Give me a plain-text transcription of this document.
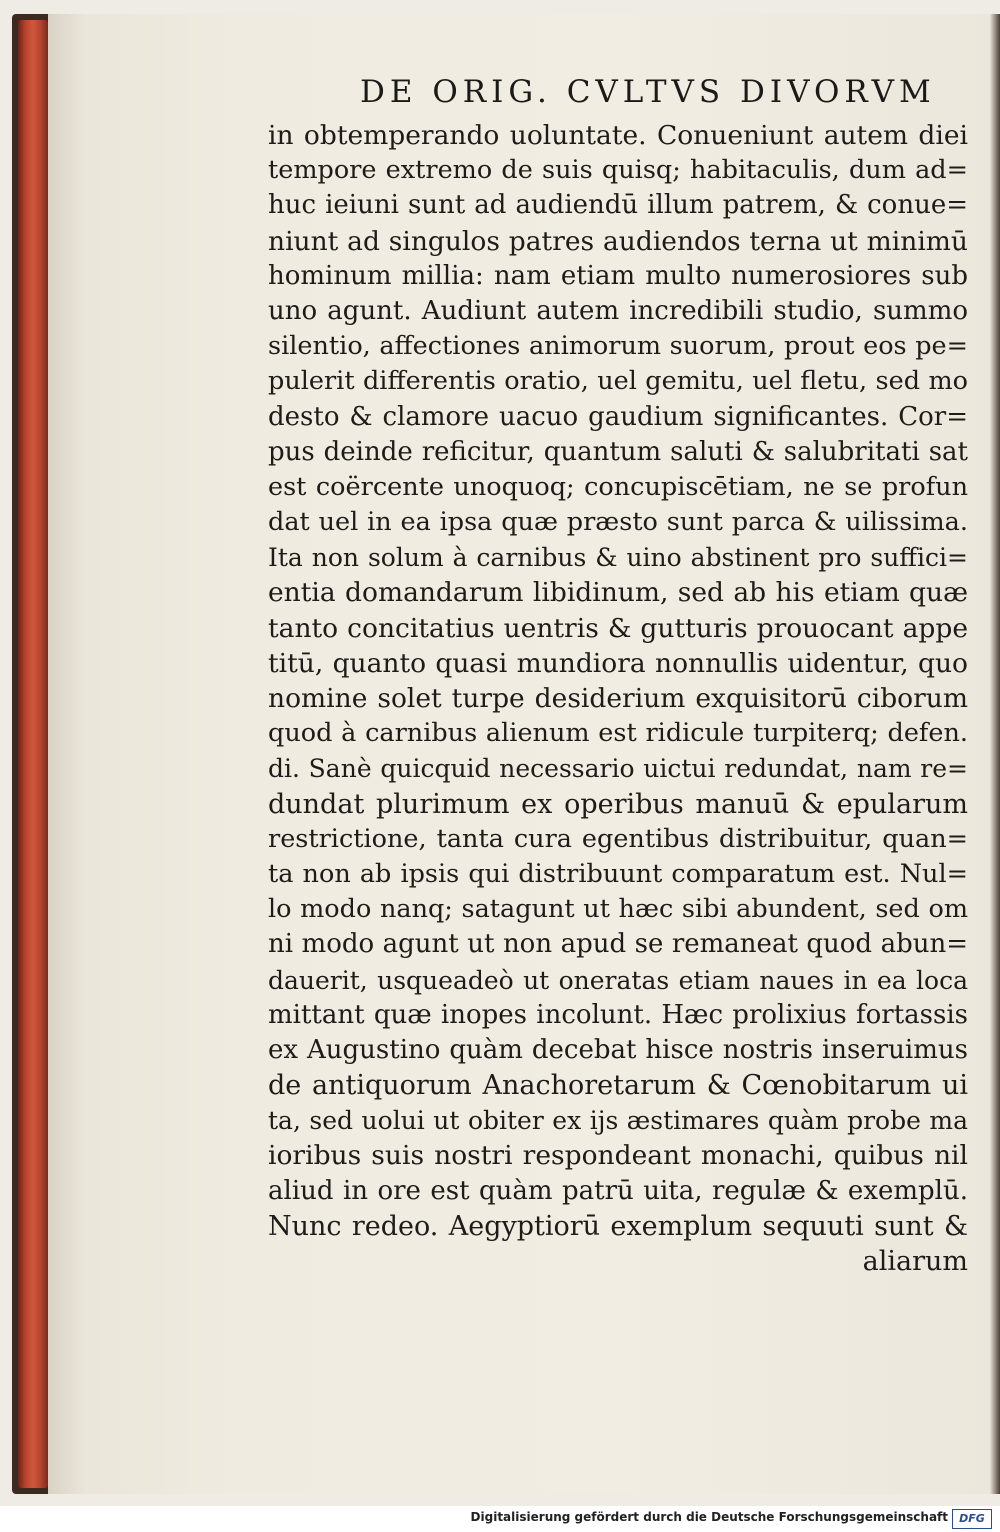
DE ORIG. CVLTVS DIVORVM
in obtemperando uoluntate. Conueniunt autem diei
tempore extremo de suis quisq; habitaculis, dum ad=
huc ieiuni sunt ad audiendū illum patrem, & conue=
niunt ad singulos patres audiendos terna ut minimū
hominum millia: nam etiam multo numerosiores sub
uno agunt. Audiunt autem incredibili studio, summo
silentio, affectiones animorum suorum, prout eos pe=
pulerit differentis oratio, uel gemitu, uel fletu, sed mo
desto & clamore uacuo gaudium significantes. Cor=
pus deinde reficitur, quantum saluti & salubritati sat
est coërcente unoquoq; concupiscētiam, ne se profun
dat uel in ea ipsa quæ præsto sunt parca & uilissima.
Ita non solum à carnibus & uino abstinent pro suffici=
entia domandarum libidinum, sed ab his etiam quæ
tanto concitatius uentris & gutturis prouocant appe
titū, quanto quasi mundiora nonnullis uidentur, quo
nomine solet turpe desiderium exquisitorū ciborum
quod à carnibus alienum est ridicule turpiterq; defen.
di. Sanè quicquid necessario uictui redundat, nam re=
dundat plurimum ex operibus manuū & epularum
restrictione, tanta cura egentibus distribuitur, quan=
ta non ab ipsis qui distribuunt comparatum est. Nul=
lo modo nanq; satagunt ut hæc sibi abundent, sed om
ni modo agunt ut non apud se remaneat quod abun=
dauerit, usqueadeò ut oneratas etiam naues in ea loca
mittant quæ inopes incolunt. Hæc prolixius fortassis
ex Augustino quàm decebat hisce nostris inseruimus
de antiquorum Anachoretarum & Cœnobitarum ui
ta, sed uolui ut obiter ex ijs æstimares quàm probe ma
ioribus suis nostri respondeant monachi, quibus nil
aliud in ore est quàm patrū uita, regulæ & exemplū.
Nunc redeo. Aegyptiorū exemplum sequuti sunt &
aliarum
Digitalisierung gefördert durch die Deutsche Forschungsgemeinschaft	DFG
